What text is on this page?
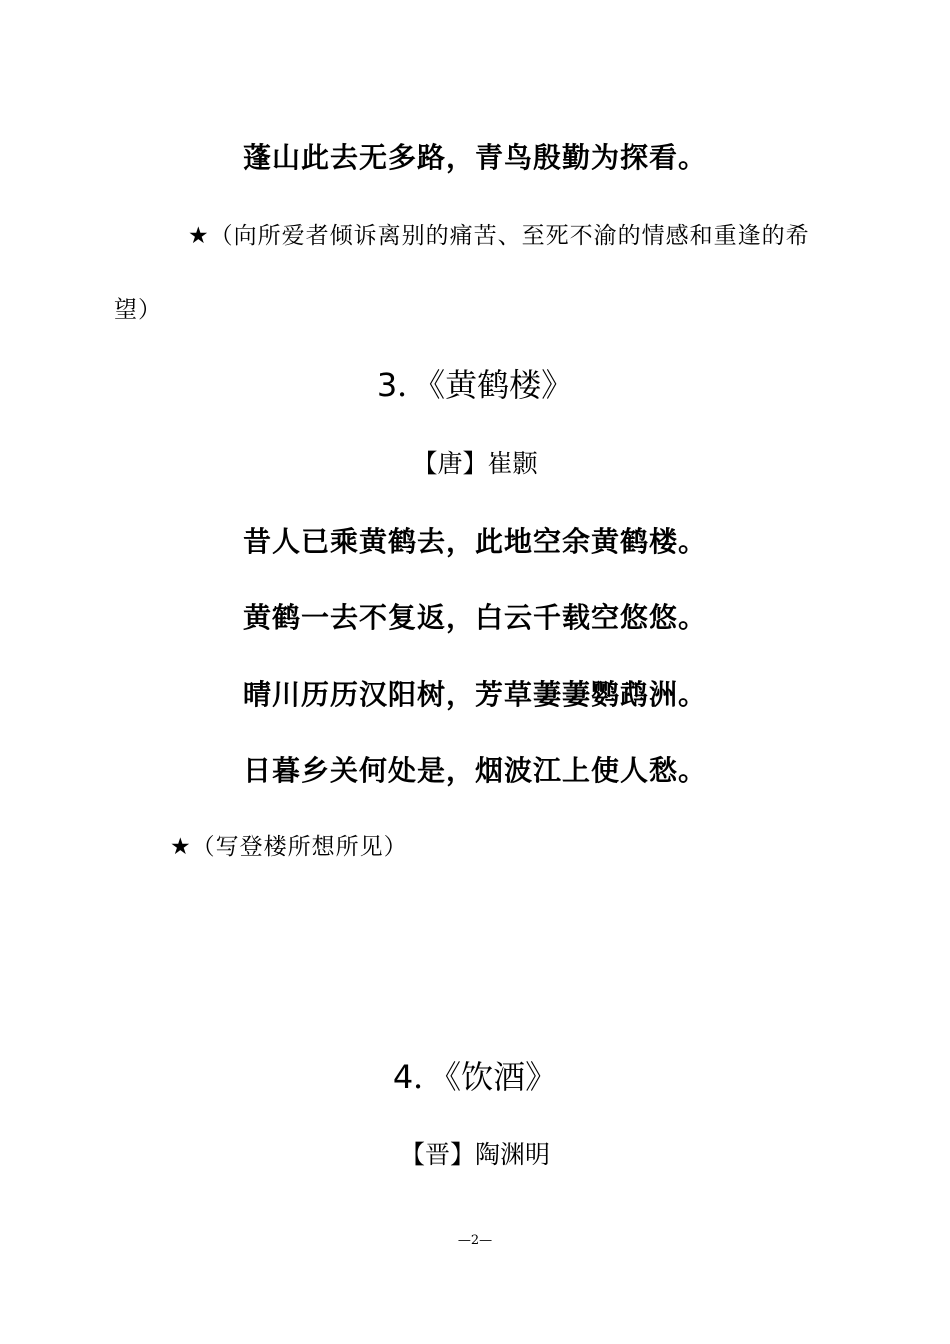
蓬山此去无多路，青鸟殷勤为探看。
★（向所爱者倾诉离别的痛苦、至死不渝的情感和重逢的希
望）
3．《黄鹤楼》
【唐】崔颢
昔人已乘黄鹤去，此地空余黄鹤楼。
黄鹤一去不复返，白云千载空悠悠。
晴川历历汉阳树，芳草萋萋鹦鹉洲。
日暮乡关何处是，烟波江上使人愁。
★（写登楼所想所见）
4．《饮酒》
【晋】陶渊明
—2—
